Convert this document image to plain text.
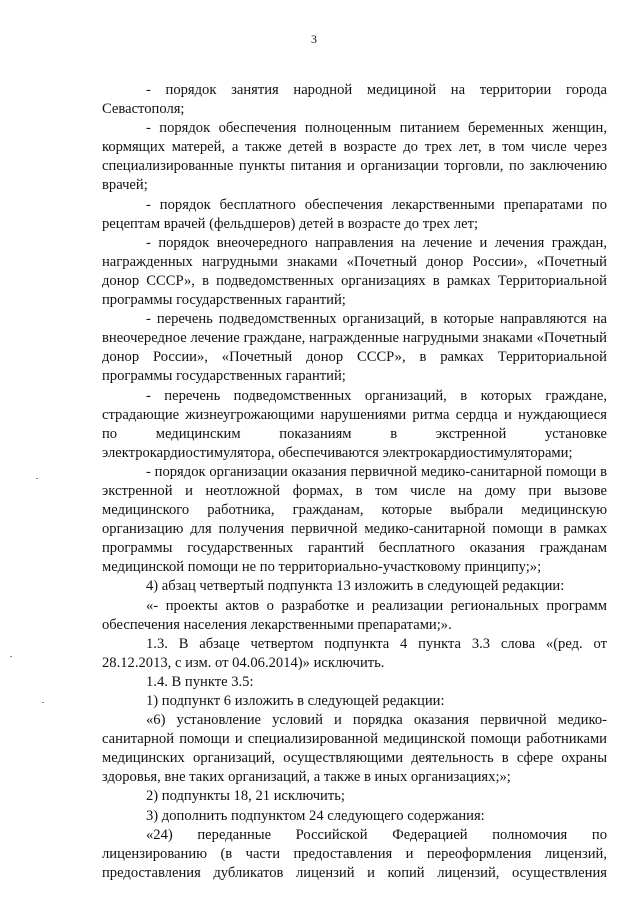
3

- порядок занятия народной медициной на территории города Севастополя;

- порядок обеспечения полноценным питанием беременных женщин, кормящих матерей, а также детей в возрасте до трех лет, в том числе через специализированные пункты питания и организации торговли, по заключению врачей;

- порядок бесплатного обеспечения лекарственными препаратами по рецептам врачей (фельдшеров) детей в возрасте до трех лет;

- порядок внеочередного направления на лечение и лечения граждан, награжденных нагрудными знаками «Почетный донор России», «Почетный донор СССР», в подведомственных организациях в рамках Территориальной программы государственных гарантий;

- перечень подведомственных организаций, в которые направляются на внеочередное лечение граждане, награжденные нагрудными знаками «Почетный донор России», «Почетный донор СССР», в рамках Территориальной программы государственных гарантий;

- перечень подведомственных организаций, в которых граждане, страдающие жизнеугрожающими нарушениями ритма сердца и нуждающиеся по медицинским показаниям в экстренной установке электрокардиостимулятора, обеспечиваются электрокардиостимуляторами;

- порядок организации оказания первичной медико-санитарной помощи в экстренной и неотложной формах, в том числе на дому при вызове медицинского работника, гражданам, которые выбрали медицинскую организацию для получения первичной медико-санитарной помощи в рамках программы государственных гарантий бесплатного оказания гражданам медицинской помощи не по территориально-участковому принципу;»;

4) абзац четвертый подпункта 13 изложить в следующей редакции:

«- проекты актов о разработке и реализации региональных программ обеспечения населения лекарственными препаратами;».

1.3. В абзаце четвертом подпункта 4 пункта 3.3 слова «(ред. от 28.12.2013, с изм. от 04.06.2014)» исключить.

1.4. В пункте 3.5:

1) подпункт 6 изложить в следующей редакции:

«6) установление условий и порядка оказания первичной медико-санитарной помощи и специализированной медицинской помощи работниками медицинских организаций, осуществляющими деятельность в сфере охраны здоровья, вне таких организаций, а также в иных организациях;»;

2) подпункты 18, 21 исключить;

3) дополнить подпунктом 24 следующего содержания:

«24) переданные Российской Федерацией полномочия по лицензированию (в части предоставления и переоформления лицензий, предоставления дубликатов лицензий и копий лицензий, осуществления
